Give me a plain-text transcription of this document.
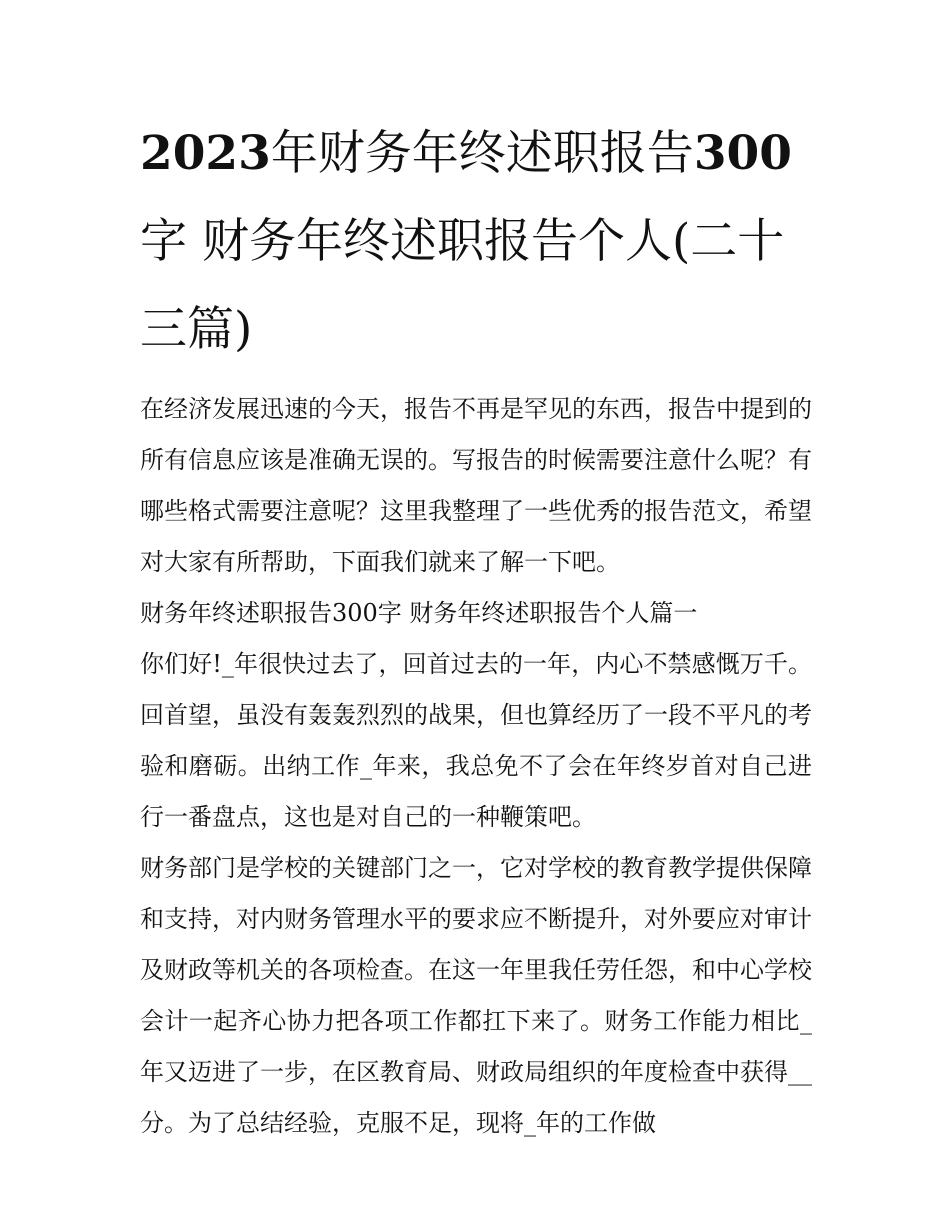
2023年财务年终述职报告300字 财务年终述职报告个人(二十三篇)

在经济发展迅速的今天，报告不再是罕见的东西，报告中提到的所有信息应该是准确无误的。写报告的时候需要注意什么呢？有哪些格式需要注意呢？这里我整理了一些优秀的报告范文，希望对大家有所帮助，下面我们就来了解一下吧。

财务年终述职报告300字 财务年终述职报告个人篇一

你们好!_年很快过去了，回首过去的一年，内心不禁感慨万千。回首望，虽没有轰轰烈烈的战果，但也算经历了一段不平凡的考验和磨砺。出纳工作_年来，我总免不了会在年终岁首对自己进行一番盘点，这也是对自己的一种鞭策吧。

财务部门是学校的关键部门之一，它对学校的教育教学提供保障和支持，对内财务管理水平的要求应不断提升，对外要应对审计及财政等机关的各项检查。在这一年里我任劳任怨，和中心学校会计一起齐心协力把各项工作都扛下来了。财务工作能力相比_年又迈进了一步，在区教育局、财政局组织的年度检查中获得__分。为了总结经验，克服不足，现将_年的工作做
